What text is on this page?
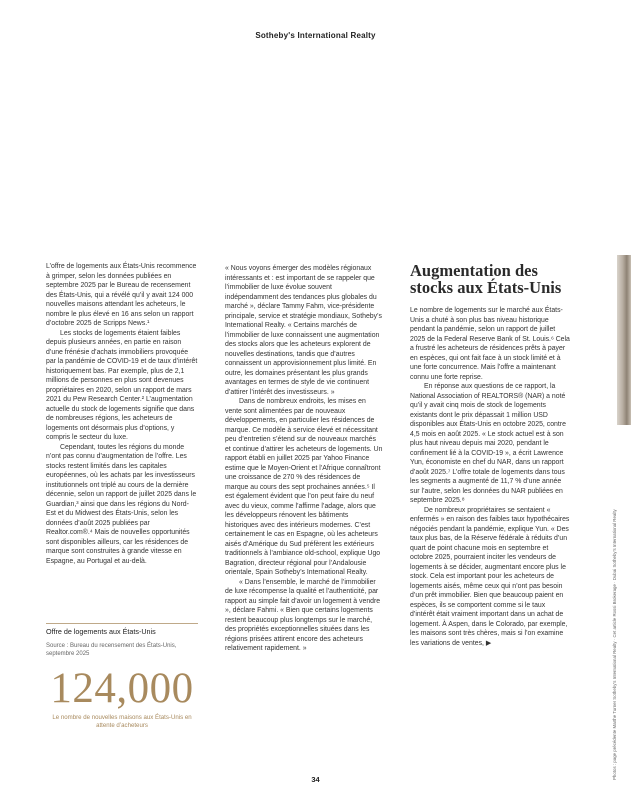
Sotheby's International Realty

L’offre de logements aux États-Unis recommence à grimper, selon les données publiées en septembre 2025 par le Bureau de recensement des États-Unis, qui a révélé qu’il y avait 124 000 nouvelles maisons attendant les acheteurs, le nombre le plus élevé en 16 ans selon un rapport d’octobre 2025 de Scripps News.¹

Les stocks de logements étaient faibles depuis plusieurs années, en partie en raison d’une frénésie d’achats immobiliers provoquée par la pandémie de COVID-19 et de taux d’intérêt historiquement bas. Par exemple, plus de 2,1 millions de personnes en plus sont devenues propriétaires en 2020, selon un rapport de mars 2021 du Pew Research Center.² L’augmentation actuelle du stock de logements signifie que dans de nombreuses régions, les acheteurs de logements ont désormais plus d’options, y compris le secteur du luxe.

Cependant, toutes les régions du monde n’ont pas connu d’augmentation de l’offre. Les stocks restent limités dans les capitales européennes, où les achats par les investisseurs institutionnels ont triplé au cours de la dernière décennie, selon un rapport de juillet 2025 dans le Guardian,³ ainsi que dans les régions du Nord-Est et du Midwest des États-Unis, selon les données d’août 2025 publiées par Realtor.com®.⁴ Mais de nouvelles opportunités sont disponibles ailleurs, car les résidences de marque sont construites à grande vitesse en Espagne, au Portugal et au-delà.

« Nous voyons émerger des modèles régionaux intéressants et : est important de se rappeler que l’immobilier de luxe évolue souvent indépendamment des tendances plus globales du marché », déclare Tammy Fahm, vice-présidente principale, service et stratégie mondiaux, Sotheby’s International Realty. « Certains marchés de l’immobilier de luxe connaissent une augmentation des stocks alors que les acheteurs explorent de nouvelles destinations, tandis que d’autres connaissent un approvisionnement plus limité. En outre, les domaines présentant les plus grands avantages en termes de style de vie continuent d’attirer l’intérêt des investisseurs. »

Dans de nombreux endroits, les mises en vente sont alimentées par de nouveaux développements, en particulier les résidences de marque. Ce modèle à service élevé et nécessitant peu d’entretien s’étend sur de nouveaux marchés et continue d’attirer les acheteurs de logements. Un rapport établi en juillet 2025 par Yahoo Finance estime que le Moyen-Orient et l’Afrique connaîtront une croissance de 270 % des résidences de marque au cours des sept prochaines années.⁵ Il est également évident que l’on peut faire du neuf avec du vieux, comme l’affirme l’adage, alors que les développeurs rénovent les bâtiments historiques avec des intérieurs modernes. C’est certainement le cas en Espagne, où les acheteurs aisés d’Amérique du Sud préfèrent les extérieurs traditionnels à l’ambiance old-school, explique Ugo Bagration, directeur régional pour l’Andalousie orientale, Spain Sotheby’s International Realty.

« Dans l’ensemble, le marché de l’immobilier de luxe récompense la qualité et l’authenticité, par rapport au simple fait d’avoir un logement à vendre », déclare Fahmi. « Bien que certains logements restent beaucoup plus longtemps sur le marché, des propriétés exceptionnelles situées dans les régions prisées attirent encore des acheteurs relativement rapidement. »

Augmentation des stocks aux États-Unis

Le nombre de logements sur le marché aux États-Unis a chuté à son plus bas niveau historique pendant la pandémie, selon un rapport de juillet 2025 de la Federal Reserve Bank of St. Louis.⁶ Cela a frustré les acheteurs de résidences prêts à payer en espèces, qui ont fait face à un stock limité et à une forte concurrence. Mais l’offre a maintenant connu une forte reprise.

En réponse aux questions de ce rapport, la National Association of REALTORS® (NAR) a noté qu’il y avait cinq mois de stock de logements existants dont le prix dépassait 1 million USD disponibles aux États-Unis en octobre 2025, contre 4,5 mois en août 2025. « Le stock actuel est à son plus haut niveau depuis mai 2020, pendant le confinement lié à la COVID-19 », a écrit Lawrence Yun, économiste en chef du NAR, dans un rapport d’août 2025.⁷ L’offre totale de logements dans tous les segments a augmenté de 11,7 % d’une année sur l’autre, selon les données du NAR publiées en septembre 2025.⁸

De nombreux propriétaires se sentaient « enfermés » en raison des faibles taux hypothécaires négociés pendant la pandémie, explique Yun. « Des taux plus bas, de la Réserve fédérale à réduits d’un quart de point chacune mois en septembre et octobre 2025, pourraient inciter les vendeurs de logements à se décider, augmentant encore plus le stock. Cela est important pour les acheteurs de logements aisés, même ceux qui n’ont pas besoin d’un prêt immobilier. Bien que beaucoup paient en espèces, ils se comportent comme si le taux d’intérêt était vraiment important dans un achat de logement. À Aspen, dans le Colorado, par exemple, les maisons sont très chères, mais si l’on examine les variations de ventes, ▶

Offre de logements aux États-Unis
Source : Bureau du recensement des États-Unis, septembre 2025
124,000
Le nombre de nouvelles maisons aux États-Unis en attente d’acheteurs	Photos : page précédente Marthe Turner Sotheby’s International Realty · Cet article Rossi Brokerage · Dubai Sotheby’s International Realty
34
